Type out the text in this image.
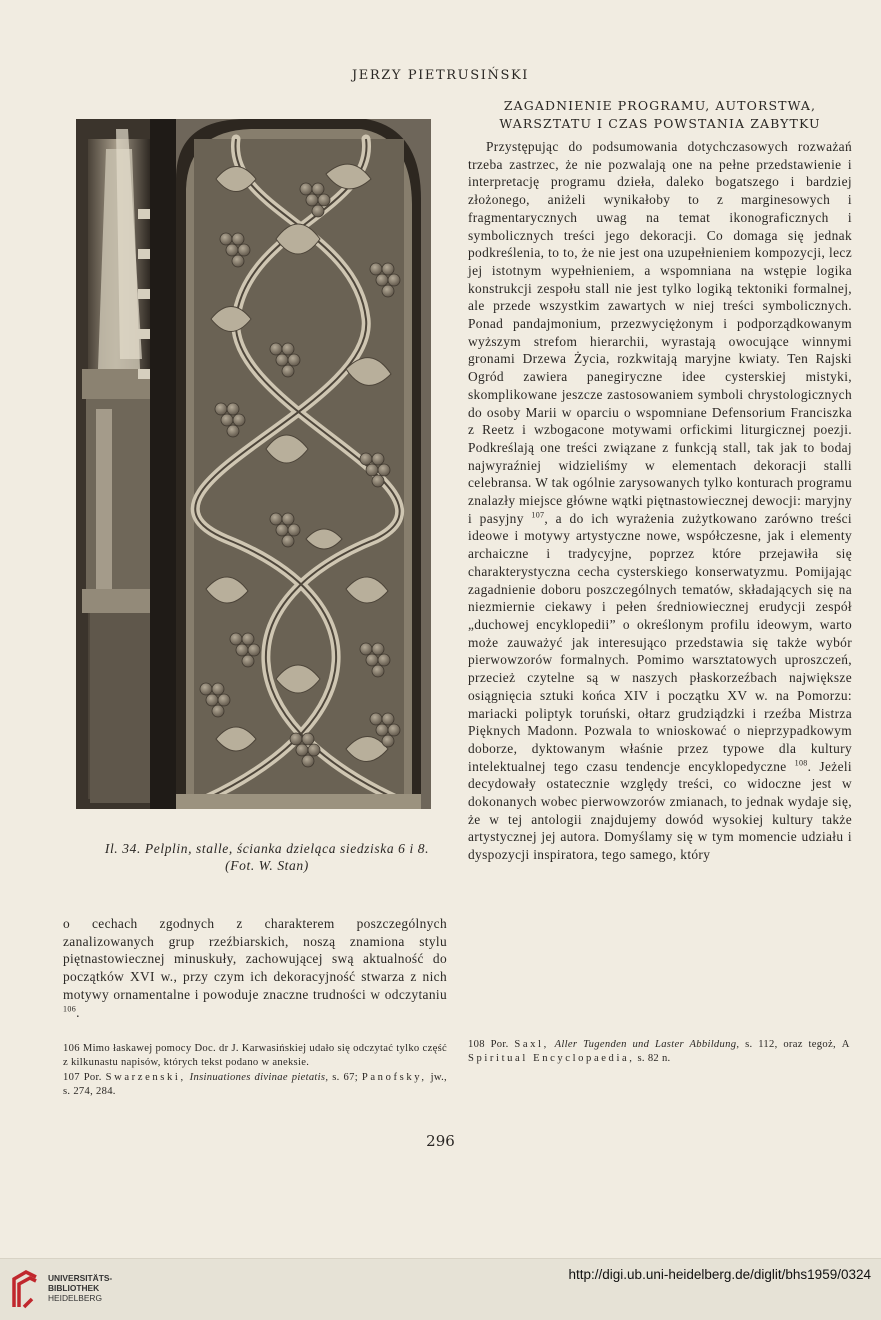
JERZY PIETRUSIŃSKI
Il. 34. Pelplin, stalle, ścianka dzieląca siedziska 6 i 8.
(Fot. W. Stan)

o cechach zgodnych z charakterem poszczególnych zanalizowanych grup rzeźbiarskich, noszą znamiona stylu piętnastowiecznej minuskuły, zachowującej swą aktualność do początków XVI w., przy czym ich dekoracyjność stwarza z nich motywy ornamentalne i powoduje znaczne trudności w odczytaniu $^{106}$.

ZAGADNIENIE PROGRAMU, AUTORSTWA,
WARSZTATU I CZAS POWSTANIA ZABYTKU

Przystępując do podsumowania dotychczasowych rozważań trzeba zastrzec, że nie pozwalają one na pełne przedstawienie i interpretację programu dzieła, daleko bogatszego i bardziej złożonego, aniżeli wynikałoby to z marginesowych i fragmentarycznych uwag na temat ikonograficznych i symbolicznych treści jego dekoracji. Co domaga się jednak podkreślenia, to to, że nie jest ona uzupełnieniem kompozycji, lecz jej istotnym wypełnieniem, a wspomniana na wstępie logika konstrukcji zespołu stall nie jest tylko logiką tektoniki formalnej, ale przede wszystkim zawartych w niej treści symbolicznych. Ponad pandajmonium, przezwyciężonym i podporządkowanym wyższym strefom hierarchii, wyrastają owocujące winnymi gronami Drzewa Życia, rozkwitają maryjne kwiaty. Ten Rajski Ogród zawiera panegiryczne idee cysterskiej mistyki, skomplikowane jeszcze zastosowaniem symboli chrystologicznych do osoby Marii w oparciu o wspomniane Defensorium Franciszka z Reetz i wzbogacone motywami orfickimi liturgicznej poezji. Podkreślają one treści związane z funkcją stall, tak jak to bodaj najwyraźniej widzieliśmy w elementach dekoracji stalli celebransa. W tak ogólnie zarysowanych tylko konturach programu znalazły miejsce główne wątki piętnastowiecznej dewocji: maryjny i pasyjny $^{107}$, a do ich wyrażenia zużytkowano zarówno treści ideowe i motywy artystyczne nowe, współczesne, jak i elementy archaiczne i tradycyjne, poprzez które przejawiła się charakterystyczna cecha cysterskiego konserwatyzmu. Pomijając zagadnienie doboru poszczególnych tematów, składających się na niezmiernie ciekawy i pełen średniowiecznej erudycji zespół „duchowej encyklopedii” o określonym profilu ideowym, warto może zauważyć jak interesująco przedstawia się także wybór pierwowzorów formalnych. Pomimo warsztatowych uproszczeń, przecież czytelne są w naszych płaskorzeźbach największe osiągnięcia sztuki końca XIV i początku XV w. na Pomorzu: mariacki poliptyk toruński, ołtarz grudziądzki i rzeźba Mistrza Pięknych Madonn. Pozwala to wnioskować o nieprzypadkowym doborze, dyktowanym właśnie przez typowe dla kultury intelektualnej tego czasu tendencje encyklopedyczne $^{108}$. Jeżeli decydowały ostatecznie względy treści, co widoczne jest w dokonanych wobec pierwowzorów zmianach, to jednak wydaje się, że w tej antologii znajdujemy dowód wysokiej kultury także artystycznej jej autora. Domyślamy się w tym momencie udziału i dyspozycji inspiratora, tego samego, który

106 Mimo łaskawej pomocy Doc. dr J. Karwasińskiej udało się odczytać tylko część z kilkunastu napisów, których tekst podano w aneksie.

107 Por. Swarzenski, Insinuationes divinae pietatis, s. 67; Panofsky, jw., s. 274, 284.

108 Por. Saxl, Aller Tugenden und Laster Abbildung, s. 112, oraz tegoż, A Spiritual Encyclopaedia, s. 82 n.

296
UNIVERSITÄTS-
BIBLIOTHEK
HEIDELBERG
http://digi.ub.uni-heidelberg.de/diglit/bhs1959/0324
